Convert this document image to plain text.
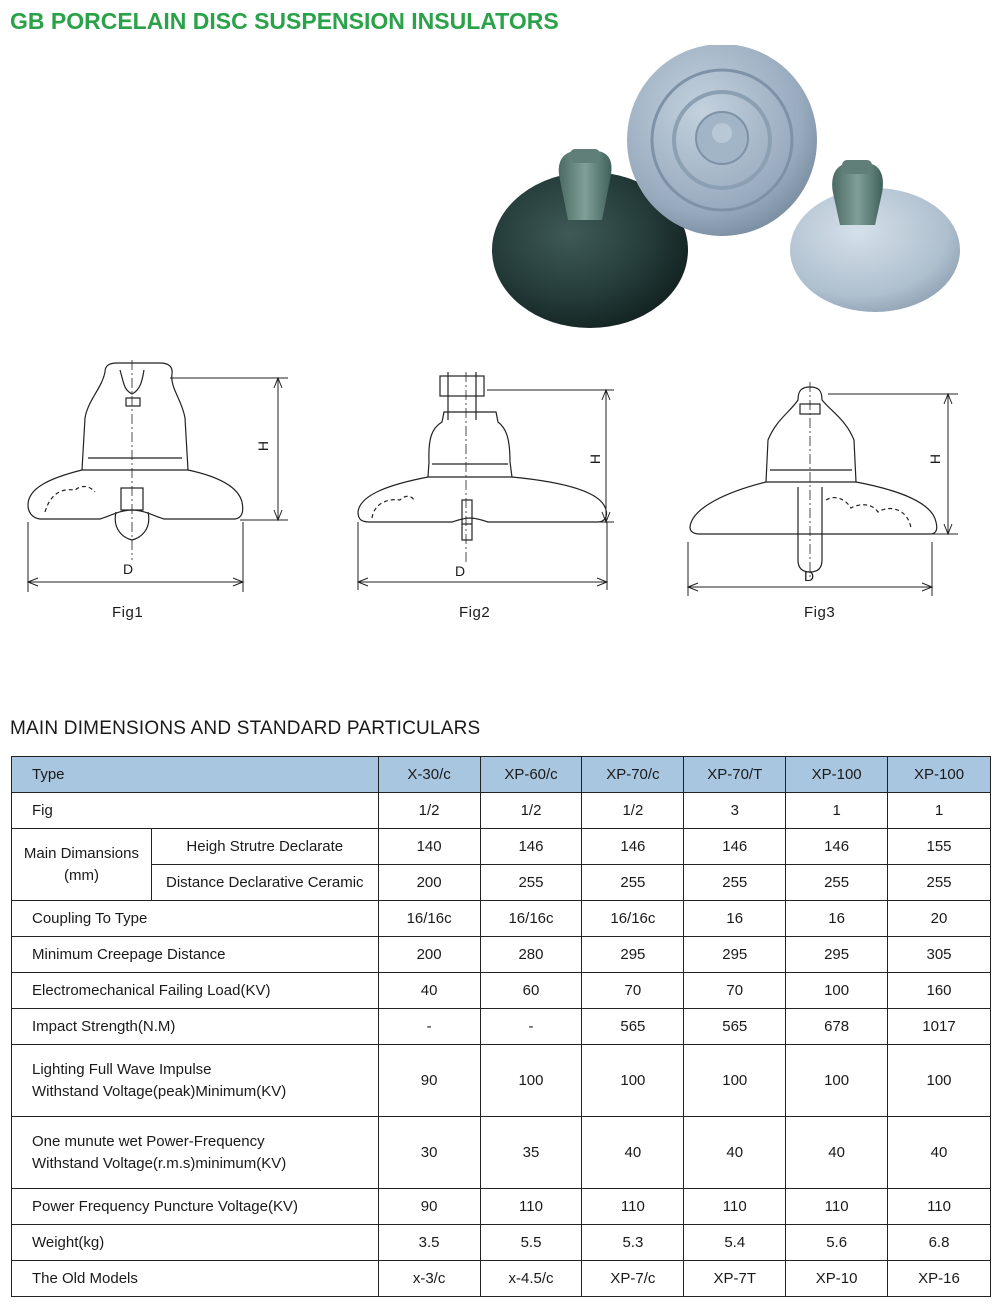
GB PORCELAIN DISC SUSPENSION INSULATORS
H
D
Fig1
H
D
Fig2
H
D
Fig3
MAIN DIMENSIONS AND STANDARD PARTICULARS
Type		X-30/c	XP-60/c	XP-70/c	XP-70/T	XP-100	XP-100
Fig		1/2	1/2	1/2	3	1	1

Main Dimansions
(mm)	Heigh Strutre Declarate	140	146	146	146	146	155
	Distance Declarative Ceramic	200	255	255	255	255	255
Coupling To Type		16/16c	16/16c	16/16c	16	16	20
Minimum Creepage Distance		200	280	295	295	295	305
Electromechanical Failing Load(KV)		40	60	70	70	100	160
Impact Strength(N.M)		-	-	565	565	678	1017

Lighting Full Wave Impulse
Withstand Voltage(peak)Minimum(KV)		90	100	100	100	100	100

One munute wet Power-Frequency
Withstand Voltage(r.m.s)minimum(KV)		30	35	40	40	40	40
Power Frequency Puncture Voltage(KV)		90	110	110	110	110	110
Weight(kg)		3.5	5.5	5.3	5.4	5.6	6.8
The Old Models		x-3/c	x-4.5/c	XP-7/c	XP-7T	XP-10	XP-16
